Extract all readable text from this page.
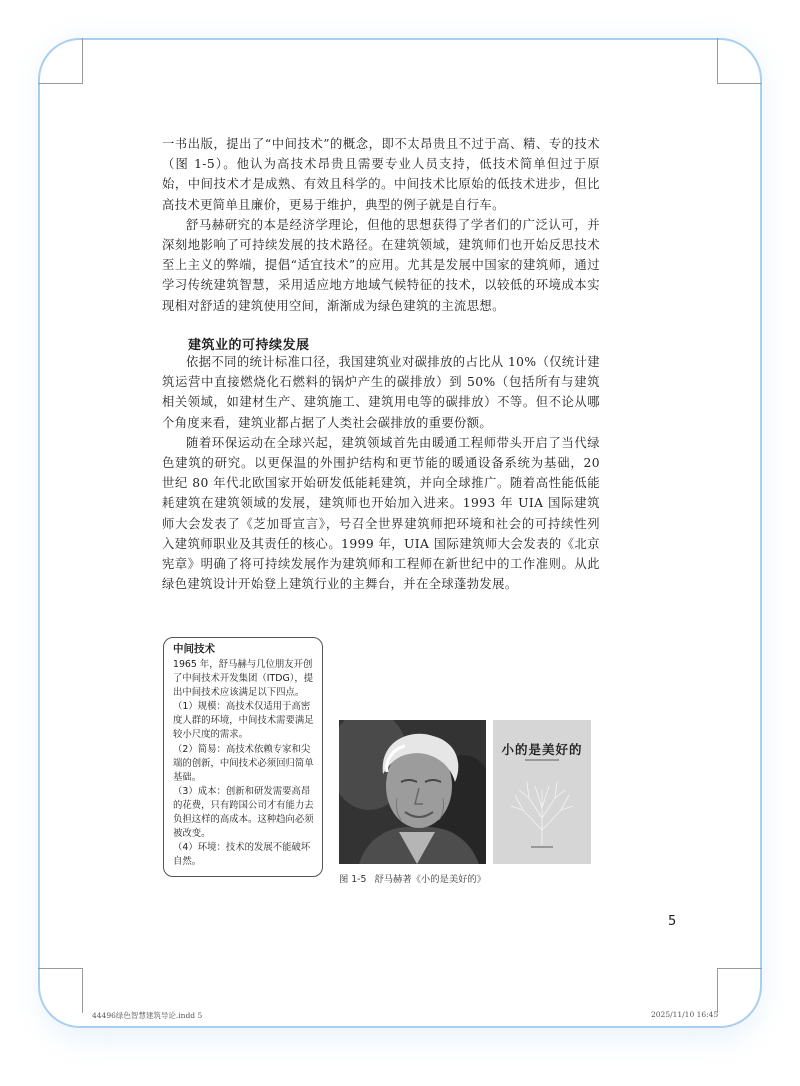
一书出版，提出了“中间技术”的概念，即不太昂贵且不过于高、精、专的技术（图 1-5）。他认为高技术昂贵且需要专业人员支持，低技术简单但过于原始，中间技术才是成熟、有效且科学的。中间技术比原始的低技术进步，但比高技术更简单且廉价，更易于维护，典型的例子就是自行车。

舒马赫研究的本是经济学理论，但他的思想获得了学者们的广泛认可，并深刻地影响了可持续发展的技术路径。在建筑领域，建筑师们也开始反思技术至上主义的弊端，提倡“适宜技术”的应用。尤其是发展中国家的建筑师，通过学习传统建筑智慧，采用适应地方地域气候特征的技术，以较低的环境成本实现相对舒适的建筑使用空间，渐渐成为绿色建筑的主流思想。

建筑业的可持续发展

依据不同的统计标准口径，我国建筑业对碳排放的占比从 10%（仅统计建筑运营中直接燃烧化石燃料的锅炉产生的碳排放）到 50%（包括所有与建筑相关领域，如建材生产、建筑施工、建筑用电等的碳排放）不等。但不论从哪个角度来看，建筑业都占据了人类社会碳排放的重要份额。

随着环保运动在全球兴起，建筑领域首先由暖通工程师带头开启了当代绿色建筑的研究。以更保温的外围护结构和更节能的暖通设备系统为基础，20 世纪 80 年代北欧国家开始研发低能耗建筑，并向全球推广。随着高性能低能耗建筑在建筑领域的发展，建筑师也开始加入进来。1993 年 UIA 国际建筑师大会发表了《芝加哥宣言》，号召全世界建筑师把环境和社会的可持续性列入建筑师职业及其责任的核心。1999 年，UIA 国际建筑师大会发表的《北京宪章》明确了将可持续发展作为建筑师和工程师在新世纪中的工作准则。从此绿色建筑设计开始登上建筑行业的主舞台，并在全球蓬勃发展。

中间技术

1965 年，舒马赫与几位朋友开创了中间技术开发集团（ITDG），提出中间技术应该满足以下四点。

（1）规模：高技术仅适用于高密度人群的环境，中间技术需要满足较小尺度的需求。

（2）简易：高技术依赖专家和尖端的创新，中间技术必须回归简单基础。

（3）成本：创新和研发需要高昂的花费，只有跨国公司才有能力去负担这样的高成本。这种趋向必须被改变。

（4）环境：技术的发展不能破坏自然。

小的是美好的
图 1-5 舒马赫著《小的是美好的》
5
44496绿色智慧建筑导论.indd 5	2025/11/10 16:45
